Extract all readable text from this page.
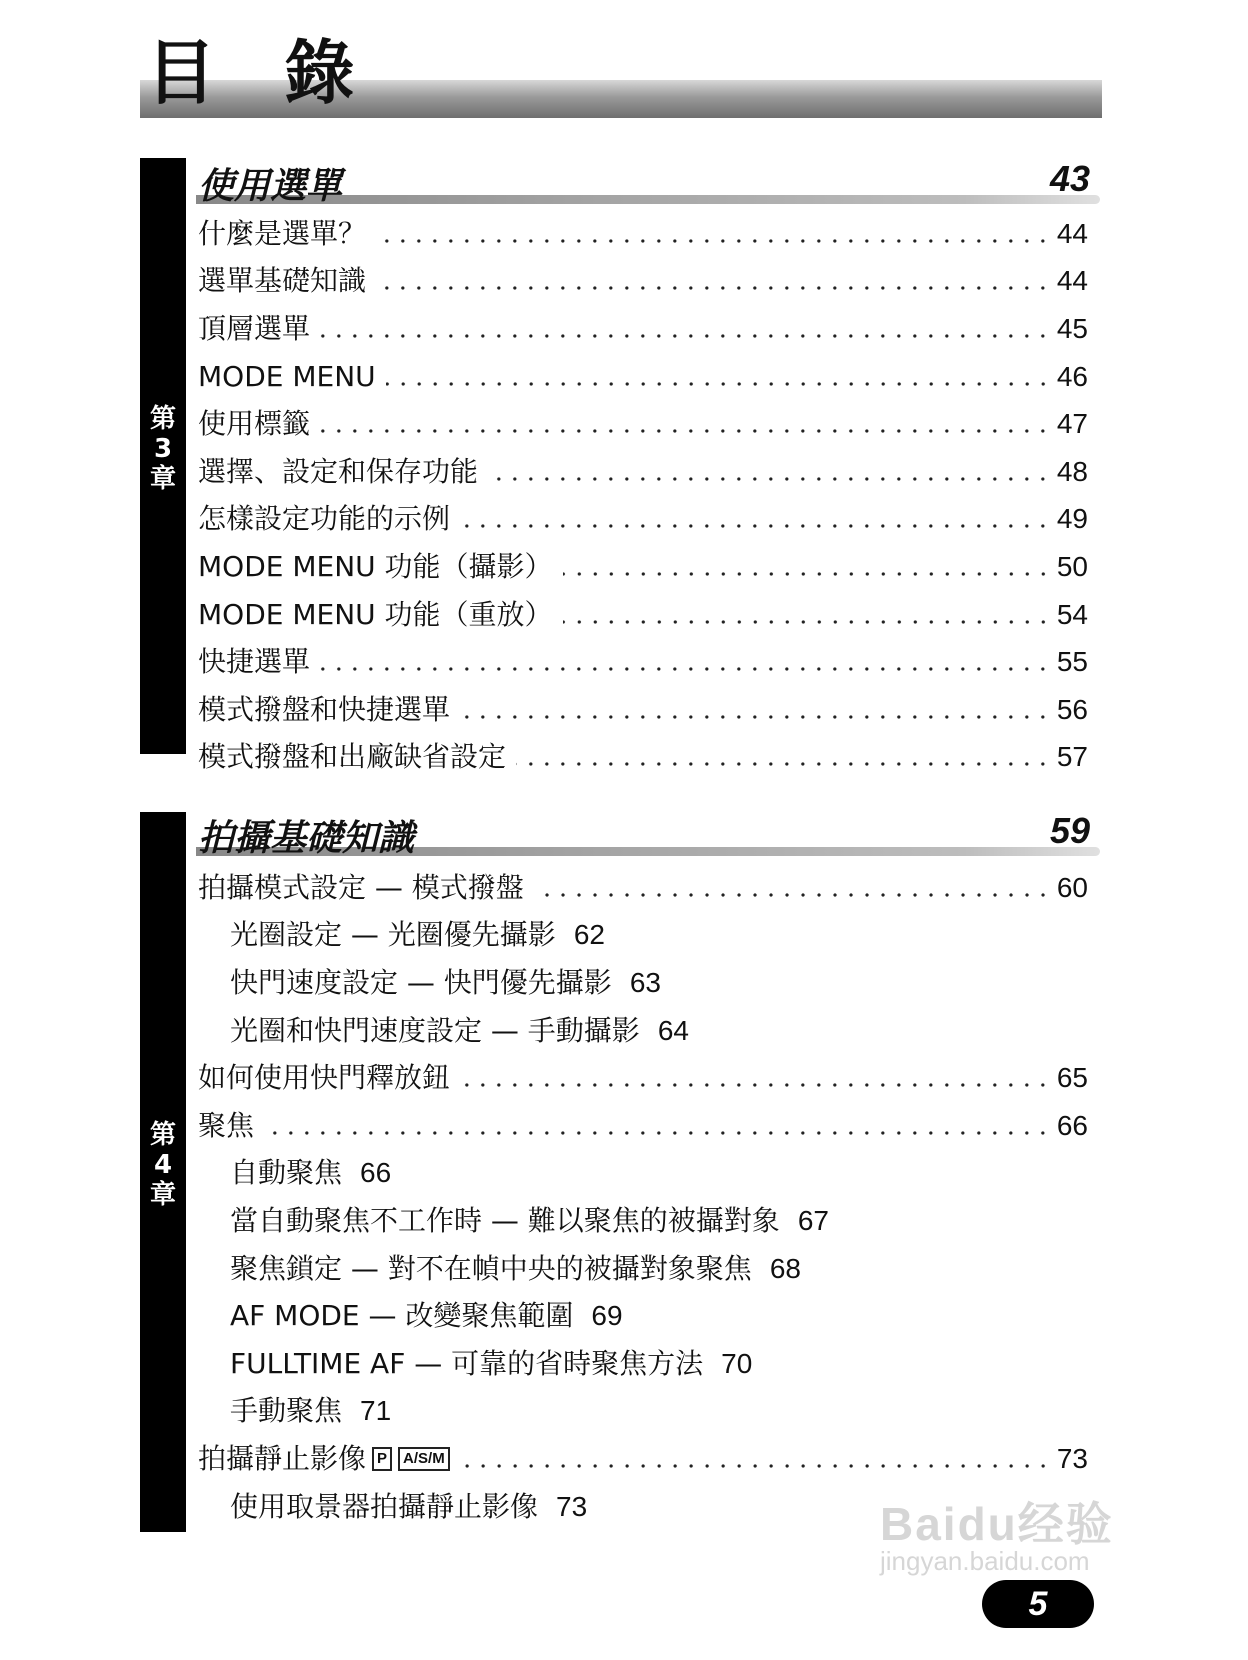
目 錄
第
3
章
使用選單	43
什麼是選單？	44
選單基礎知識	44
頂層選單	45
MODE MENU	46
使用標籤	47
選擇、設定和保存功能	48
怎樣設定功能的示例	49
MODE MENU 功能（攝影）	50
MODE MENU 功能（重放）	54
快捷選單	55
模式撥盤和快捷選單	56
模式撥盤和出廠缺省設定	57
第
4
章
拍攝基礎知識	59
拍攝模式設定 — 模式撥盤	60
光圈設定 — 光圈優先攝影 62
快門速度設定 — 快門優先攝影 63
光圈和快門速度設定 — 手動攝影 64
如何使用快門釋放鈕	65
聚焦	66
自動聚焦 66
當自動聚焦不工作時 — 難以聚焦的被攝對象 67
聚焦鎖定 — 對不在幀中央的被攝對象聚焦 68
AF MODE — 改變聚焦範圍 69
FULLTIME AF — 可靠的省時聚焦方法 70
手動聚焦 71
拍攝靜止影像 P	A/S/M	73
使用取景器拍攝靜止影像 73	Baidu经验
jingyan.baidu.com
5
